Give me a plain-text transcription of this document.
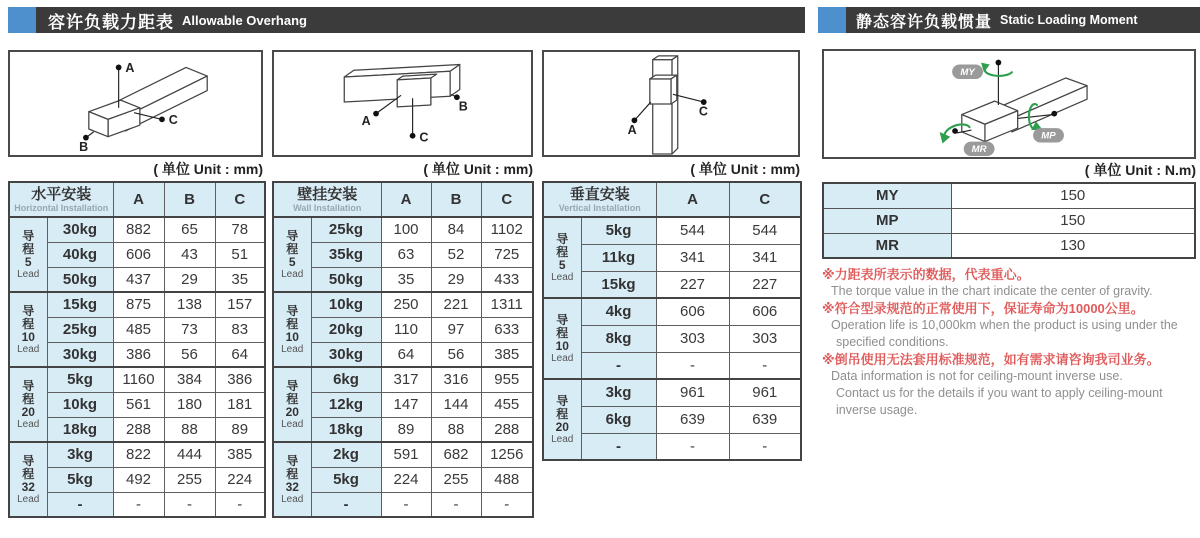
容许负载力距表 Allowable Overhang	静态容许负载惯量 Static Loading Moment
A
C
B
A
C
B
A
C
MY
MP
MR
( 单位 Unit : mm)	( 单位 Unit : mm)	( 单位 Unit : mm)	( 单位 Unit : N.m)
水平安装
Horizontal Installation		A	B	C

导
程
5
Lead	30kg	882	65	78
	40kg	606	43	51
	50kg	437	29	35

导
程
10
Lead	15kg	875	138	157
	25kg	485	73	83
	30kg	386	56	64

导
程
20
Lead	5kg	1160	384	386
	10kg	561	180	181
	18kg	288	88	89

导
程
32
Lead	3kg	822	444	385
	5kg	492	255	224
	-	-	-	-
壁挂安装
Wall Installation		A	B	C

导
程
5
Lead	25kg	100	84	1102
	35kg	63	52	725
	50kg	35	29	433

导
程
10
Lead	10kg	250	221	1311
	20kg	110	97	633
	30kg	64	56	385

导
程
20
Lead	6kg	317	316	955
	12kg	147	144	455
	18kg	89	88	288

导
程
32
Lead	2kg	591	682	1256
	5kg	224	255	488
	-	-	-	-
垂直安装
Vertical Installation		A	C

导
程
5
Lead	5kg	544	544
	11kg	341	341
	15kg	227	227

导
程
10
Lead	4kg	606	606
	8kg	303	303
	-	-	-

导
程
20
Lead	3kg	961	961
	6kg	639	639
	-	-	-
MY	150
MP	150
MR	130
※力距表所表示的数据，代表重心。
The torque value in the chart indicate the center of gravity.
※符合型录规范的正常使用下，保证寿命为10000公里。
Operation life is 10,000km when the product is using under the
specified conditions.
※倒吊使用无法套用标准规范，如有需求请咨询我司业务。
Data information is not for ceiling-mount inverse use.
Contact us for the details if you want to apply ceiling-mount
inverse usage.
